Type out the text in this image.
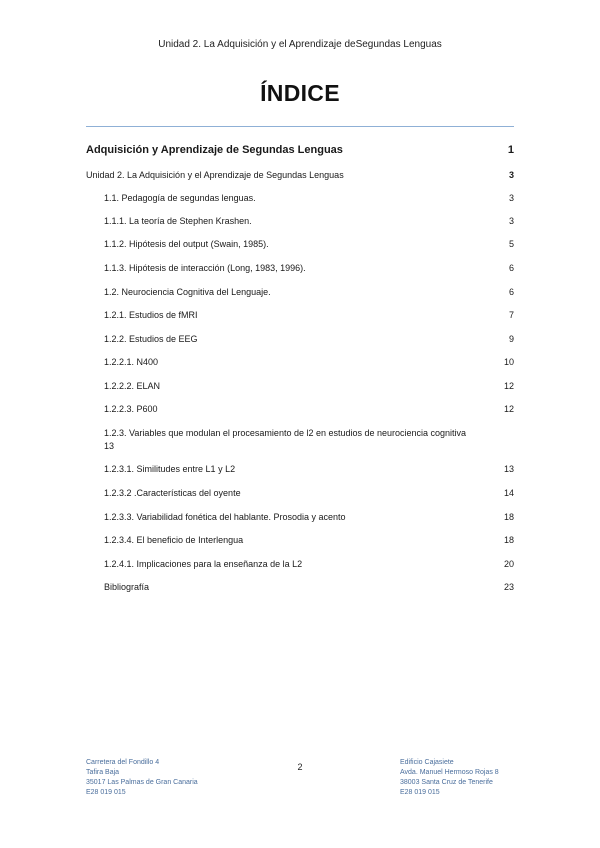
Unidad 2. La Adquisición y el Aprendizaje deSegundas Lenguas
ÍNDICE
Adquisición y Aprendizaje de Segundas Lenguas	1
Unidad 2. La Adquisición y el Aprendizaje de Segundas Lenguas	3
1.1. Pedagogía de segundas lenguas.	3
1.1.1. La teoría de Stephen Krashen.	3
1.1.2. Hipótesis del output (Swain, 1985).	5
1.1.3. Hipótesis de interacción (Long, 1983, 1996).	6
1.2. Neurociencia Cognitiva del Lenguaje.	6
1.2.1. Estudios de fMRI	7
1.2.2. Estudios de EEG	9
1.2.2.1. N400	10
1.2.2.2. ELAN	12
1.2.2.3. P600	12
1.2.3. Variables que modulan el procesamiento de l2 en estudios de neurociencia cognitiva
13
1.2.3.1. Similitudes entre L1 y L2	13
1.2.3.2 .Características del oyente	14
1.2.3.3. Variabilidad fonética del hablante. Prosodia y acento	18
1.2.3.4. El beneficio de Interlengua	18
1.2.4.1. Implicaciones para la enseñanza de la L2	20
Bibliografía	23
Carretera del Fondillo 4
Tafira Baja
35017 Las Palmas de Gran Canaria
E28 019 015
2	Edificio Cajasiete
Avda. Manuel Hermoso Rojas 8
38003 Santa Cruz de Tenerife
E28 019 015
